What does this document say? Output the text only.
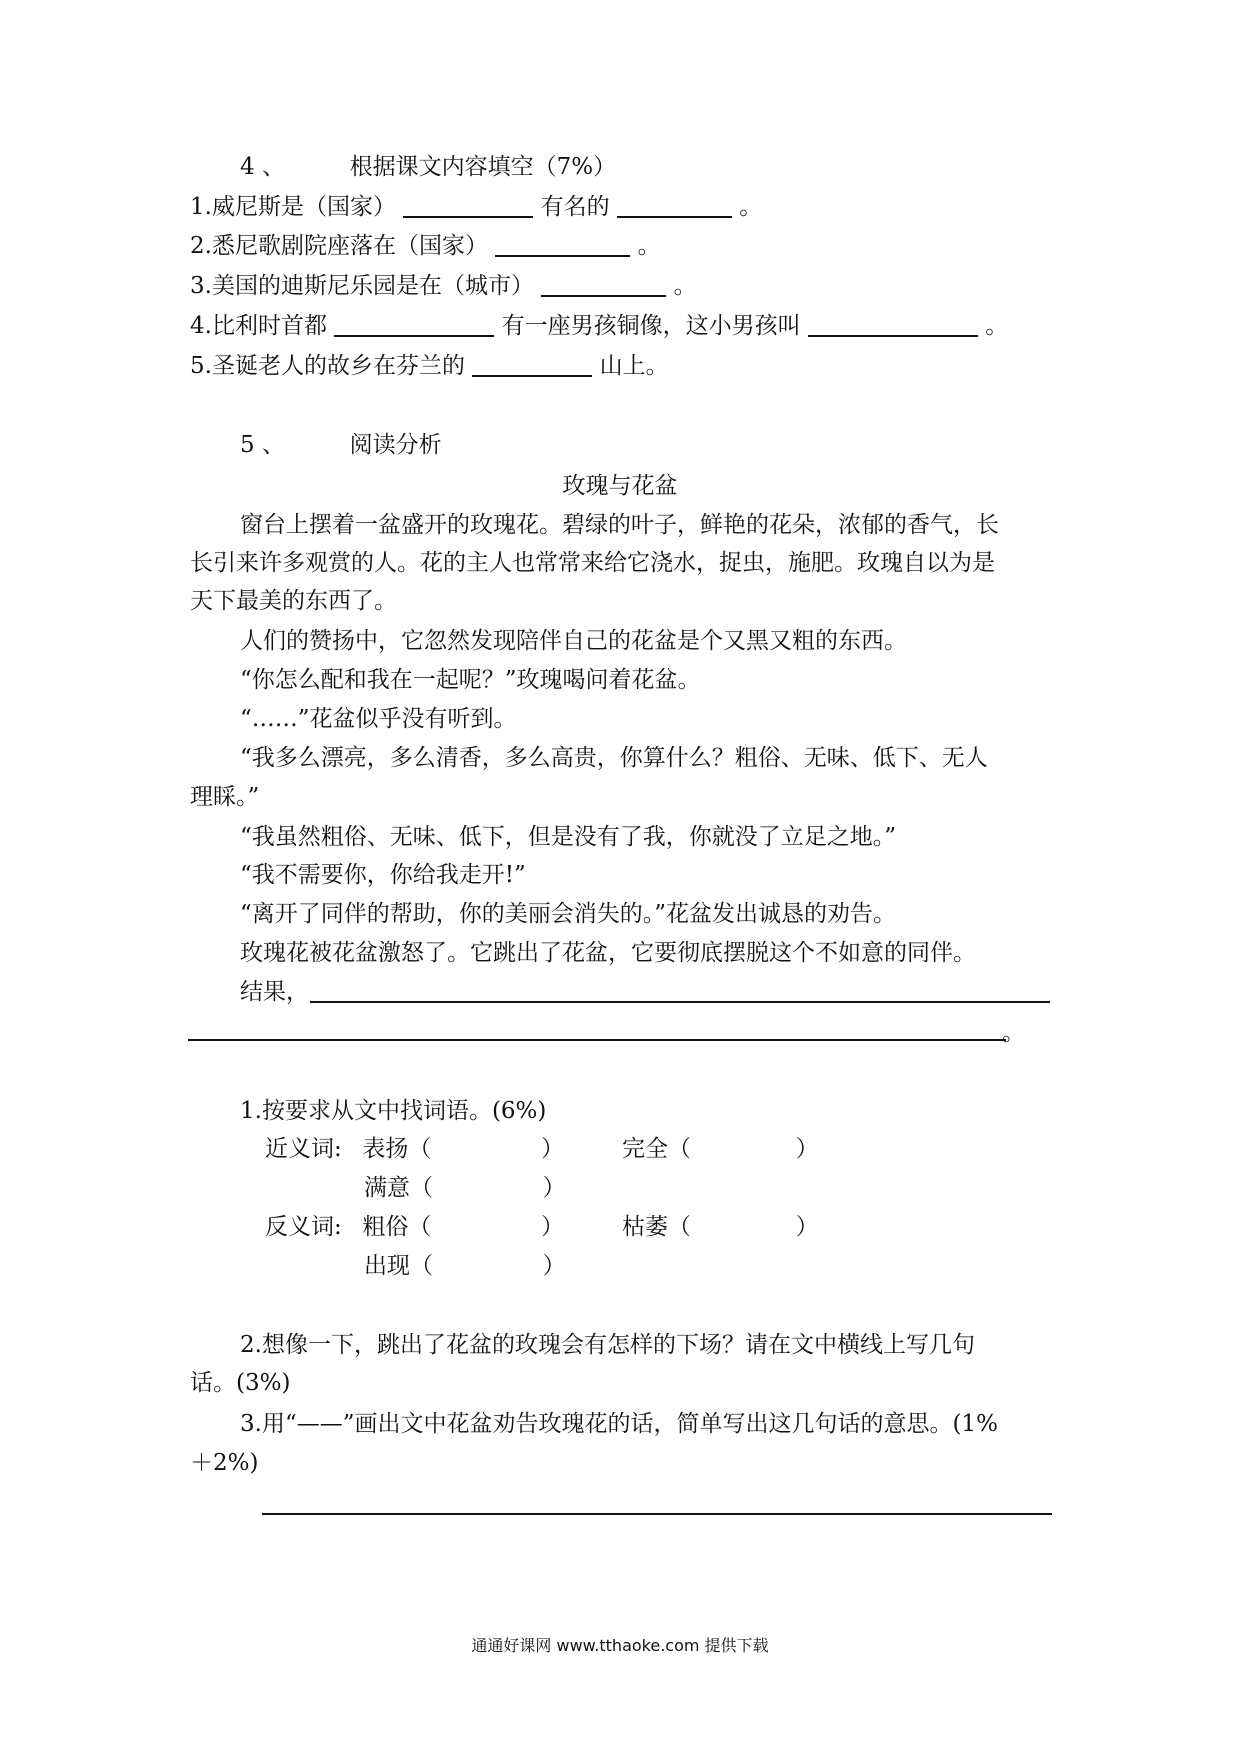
4 、	根据课文内容填空（7%）
1.威尼斯是（国家）	有名的	。
2.悉尼歌剧院座落在（国家）	。
3.美国的迪斯尼乐园是在（城市）	。
4.比利时首都	有一座男孩铜像，这小男孩叫	。
5.圣诞老人的故乡在芬兰的	山上。
5 、	阅读分析
玫瑰与花盆
窗台上摆着一盆盛开的玫瑰花。碧绿的叶子，鲜艳的花朵，浓郁的香气，长
长引来许多观赏的人。花的主人也常常来给它浇水，捉虫，施肥。玫瑰自以为是
天下最美的东西了。
人们的赞扬中，它忽然发现陪伴自己的花盆是个又黑又粗的东西。
“你怎么配和我在一起呢？”玫瑰喝问着花盆。
“……”花盆似乎没有听到。
“我多么漂亮，多么清香，多么高贵，你算什么？粗俗、无味、低下、无人
理睬。”
“我虽然粗俗、无味、低下，但是没有了我，你就没了立足之地。”
“我不需要你，你给我走开!”
“离开了同伴的帮助，你的美丽会消失的。”花盆发出诚恳的劝告。
玫瑰花被花盆激怒了。它跳出了花盆，它要彻底摆脱这个不如意的同伴。
结果，
。
1.按要求从文中找词语。(6%)
近义词: 表扬（	）	完全（	）
满意（	）
反义词: 粗俗（	）	枯萎（	）
出现（	）
2.想像一下，跳出了花盆的玫瑰会有怎样的下场？请在文中横线上写几句
话。(3%)
3.用“——”画出文中花盆劝告玫瑰花的话，简单写出这几句话的意思。(1%
＋2%)
通通好课网 www.tthaoke.com 提供下载
